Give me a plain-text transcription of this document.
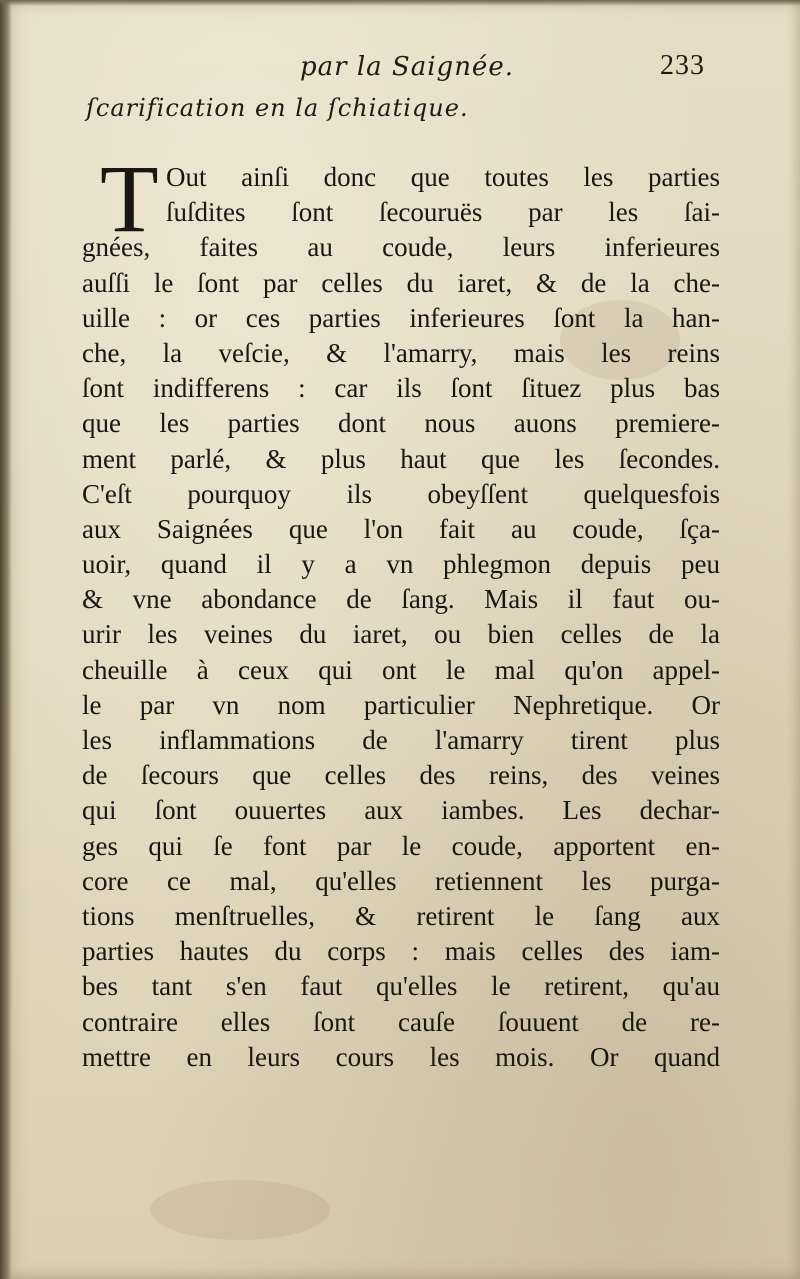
par la Saignée.	233
ſcarification en la ſchiatique.
T Out ainſi donc que toutes les parties
ſuſdites ſont ſecouruës par les ſai-
gnées, faites au coude, leurs inferieures
auſſi le ſont par celles du iaret, & de la che-
uille : or ces parties inferieures ſont la han-
che, la veſcie, & l'amarry, mais les reins
ſont indifferens : car ils ſont ſituez plus bas
que les parties dont nous auons premiere-
ment parlé, & plus haut que les ſecondes.
C'eſt pourquoy ils obeyſſent quelquesfois
aux Saignées que l'on fait au coude, ſça-
uoir, quand il y a vn phlegmon depuis peu
& vne abondance de ſang. Mais il faut ou-
urir les veines du iaret, ou bien celles de la
cheuille à ceux qui ont le mal qu'on appel-
le par vn nom particulier Nephretique. Or
les inflammations de l'amarry tirent plus
de ſecours que celles des reins, des veines
qui ſont ouuertes aux iambes. Les dechar-
ges qui ſe font par le coude, apportent en-
core ce mal, qu'elles retiennent les purga-
tions menſtruelles, & retirent le ſang aux
parties hautes du corps : mais celles des iam-
bes tant s'en faut qu'elles le retirent, qu'au
contraire elles ſont cauſe ſouuent de re-
mettre en leurs cours les mois. Or quand
